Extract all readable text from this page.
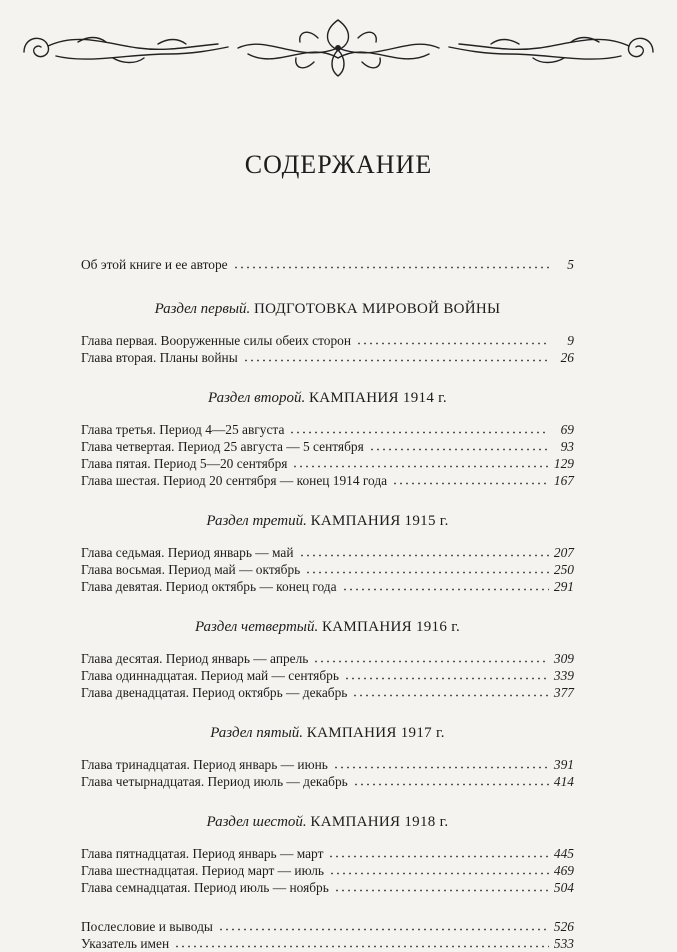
СОДЕРЖАНИЕ
Об этой книге и ее авторе	5
Раздел первый. ПОДГОТОВКА МИРОВОЙ ВОЙНЫ
Глава первая. Вооруженные силы обеих сторон	9
Глава вторая. Планы войны	26
Раздел второй. КАМПАНИЯ 1914 г.
Глава третья. Период 4—25 августа	69
Глава четвертая. Период 25 августа — 5 сентября	93
Глава пятая. Период 5—20 сентября	129
Глава шестая. Период 20 сентября — конец 1914 года	167
Раздел третий. КАМПАНИЯ 1915 г.
Глава седьмая. Период январь — май	207
Глава восьмая. Период май — октябрь	250
Глава девятая. Период октябрь — конец года	291
Раздел четвертый. КАМПАНИЯ 1916 г.
Глава десятая. Период январь — апрель	309
Глава одиннадцатая. Период май — сентябрь	339
Глава двенадцатая. Период октябрь — декабрь	377
Раздел пятый. КАМПАНИЯ 1917 г.
Глава тринадцатая. Период январь — июнь	391
Глава четырнадцатая. Период июль — декабрь	414
Раздел шестой. КАМПАНИЯ 1918 г.
Глава пятнадцатая. Период январь — март	445
Глава шестнадцатая. Период март — июль	469
Глава семнадцатая. Период июль — ноябрь	504
Послесловие и выводы	526
Указатель имен	533
